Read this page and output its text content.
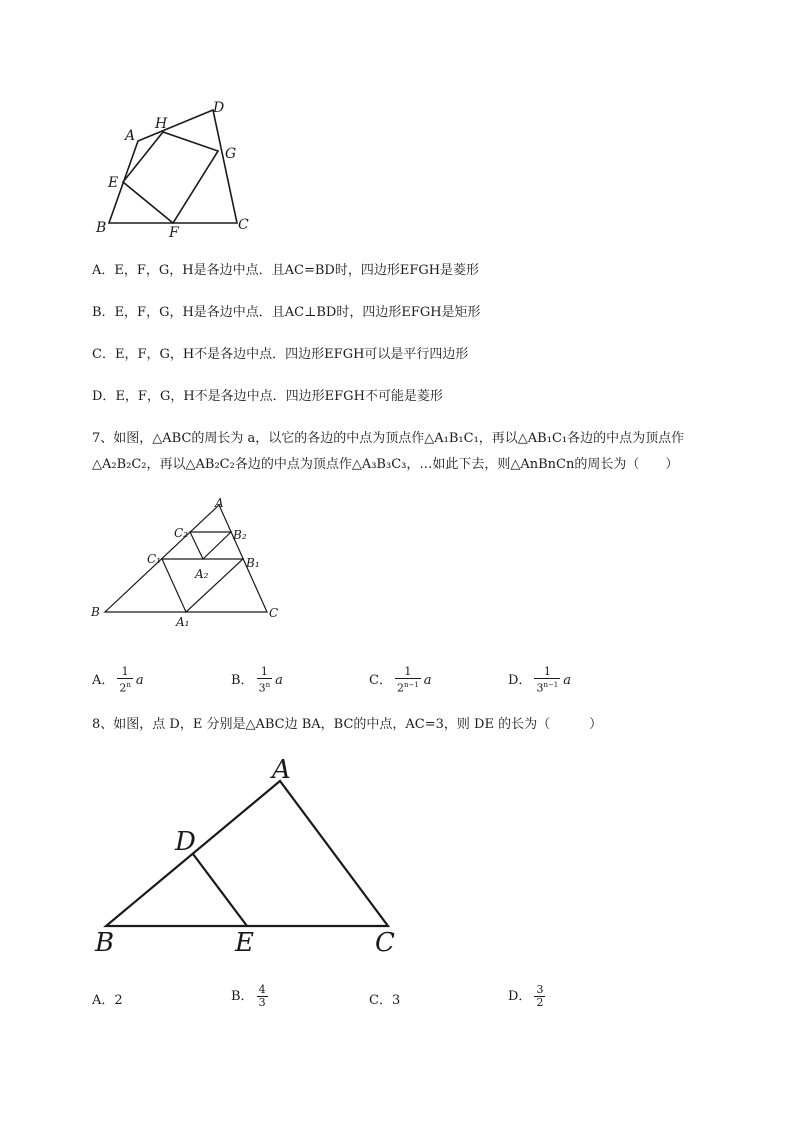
A
H
D
G
E
B	F	C
A．E，F，G，H是各边中点．且AC=BD时，四边形EFGH是菱形
B．E，F，G，H是各边中点．且AC⊥BD时，四边形EFGH是矩形
C．E，F，G，H不是各边中点．四边形EFGH可以是平行四边形
D．E，F，G，H不是各边中点．四边形EFGH不可能是菱形
7、如图，△ABC的周长为 a，以它的各边的中点为顶点作△A₁B₁C₁，再以△AB₁C₁各边的中点为顶点作
△A₂B₂C₂，再以△AB₂C₂各边的中点为顶点作△A₃B₃C₃，…如此下去，则△AnBnCn的周长为（　　）
A
C₂	B₂
C₁	B₁
A₂
B	C
A₁
A． $\frac{1}{2^n}$ a	B． $\frac{1}{3^n}$ a	C． $\frac{1}{2^{n-1}}$ a	D． $\frac{1}{3^{n-1}}$ a
8、如图，点 D，E 分别是△ABC边 BA，BC的中点，AC=3，则 DE 的长为（　　　）
A
D
B	E	C
A．2	B． $\frac{4}{3}$	C．3	D． $\frac{3}{2}$
